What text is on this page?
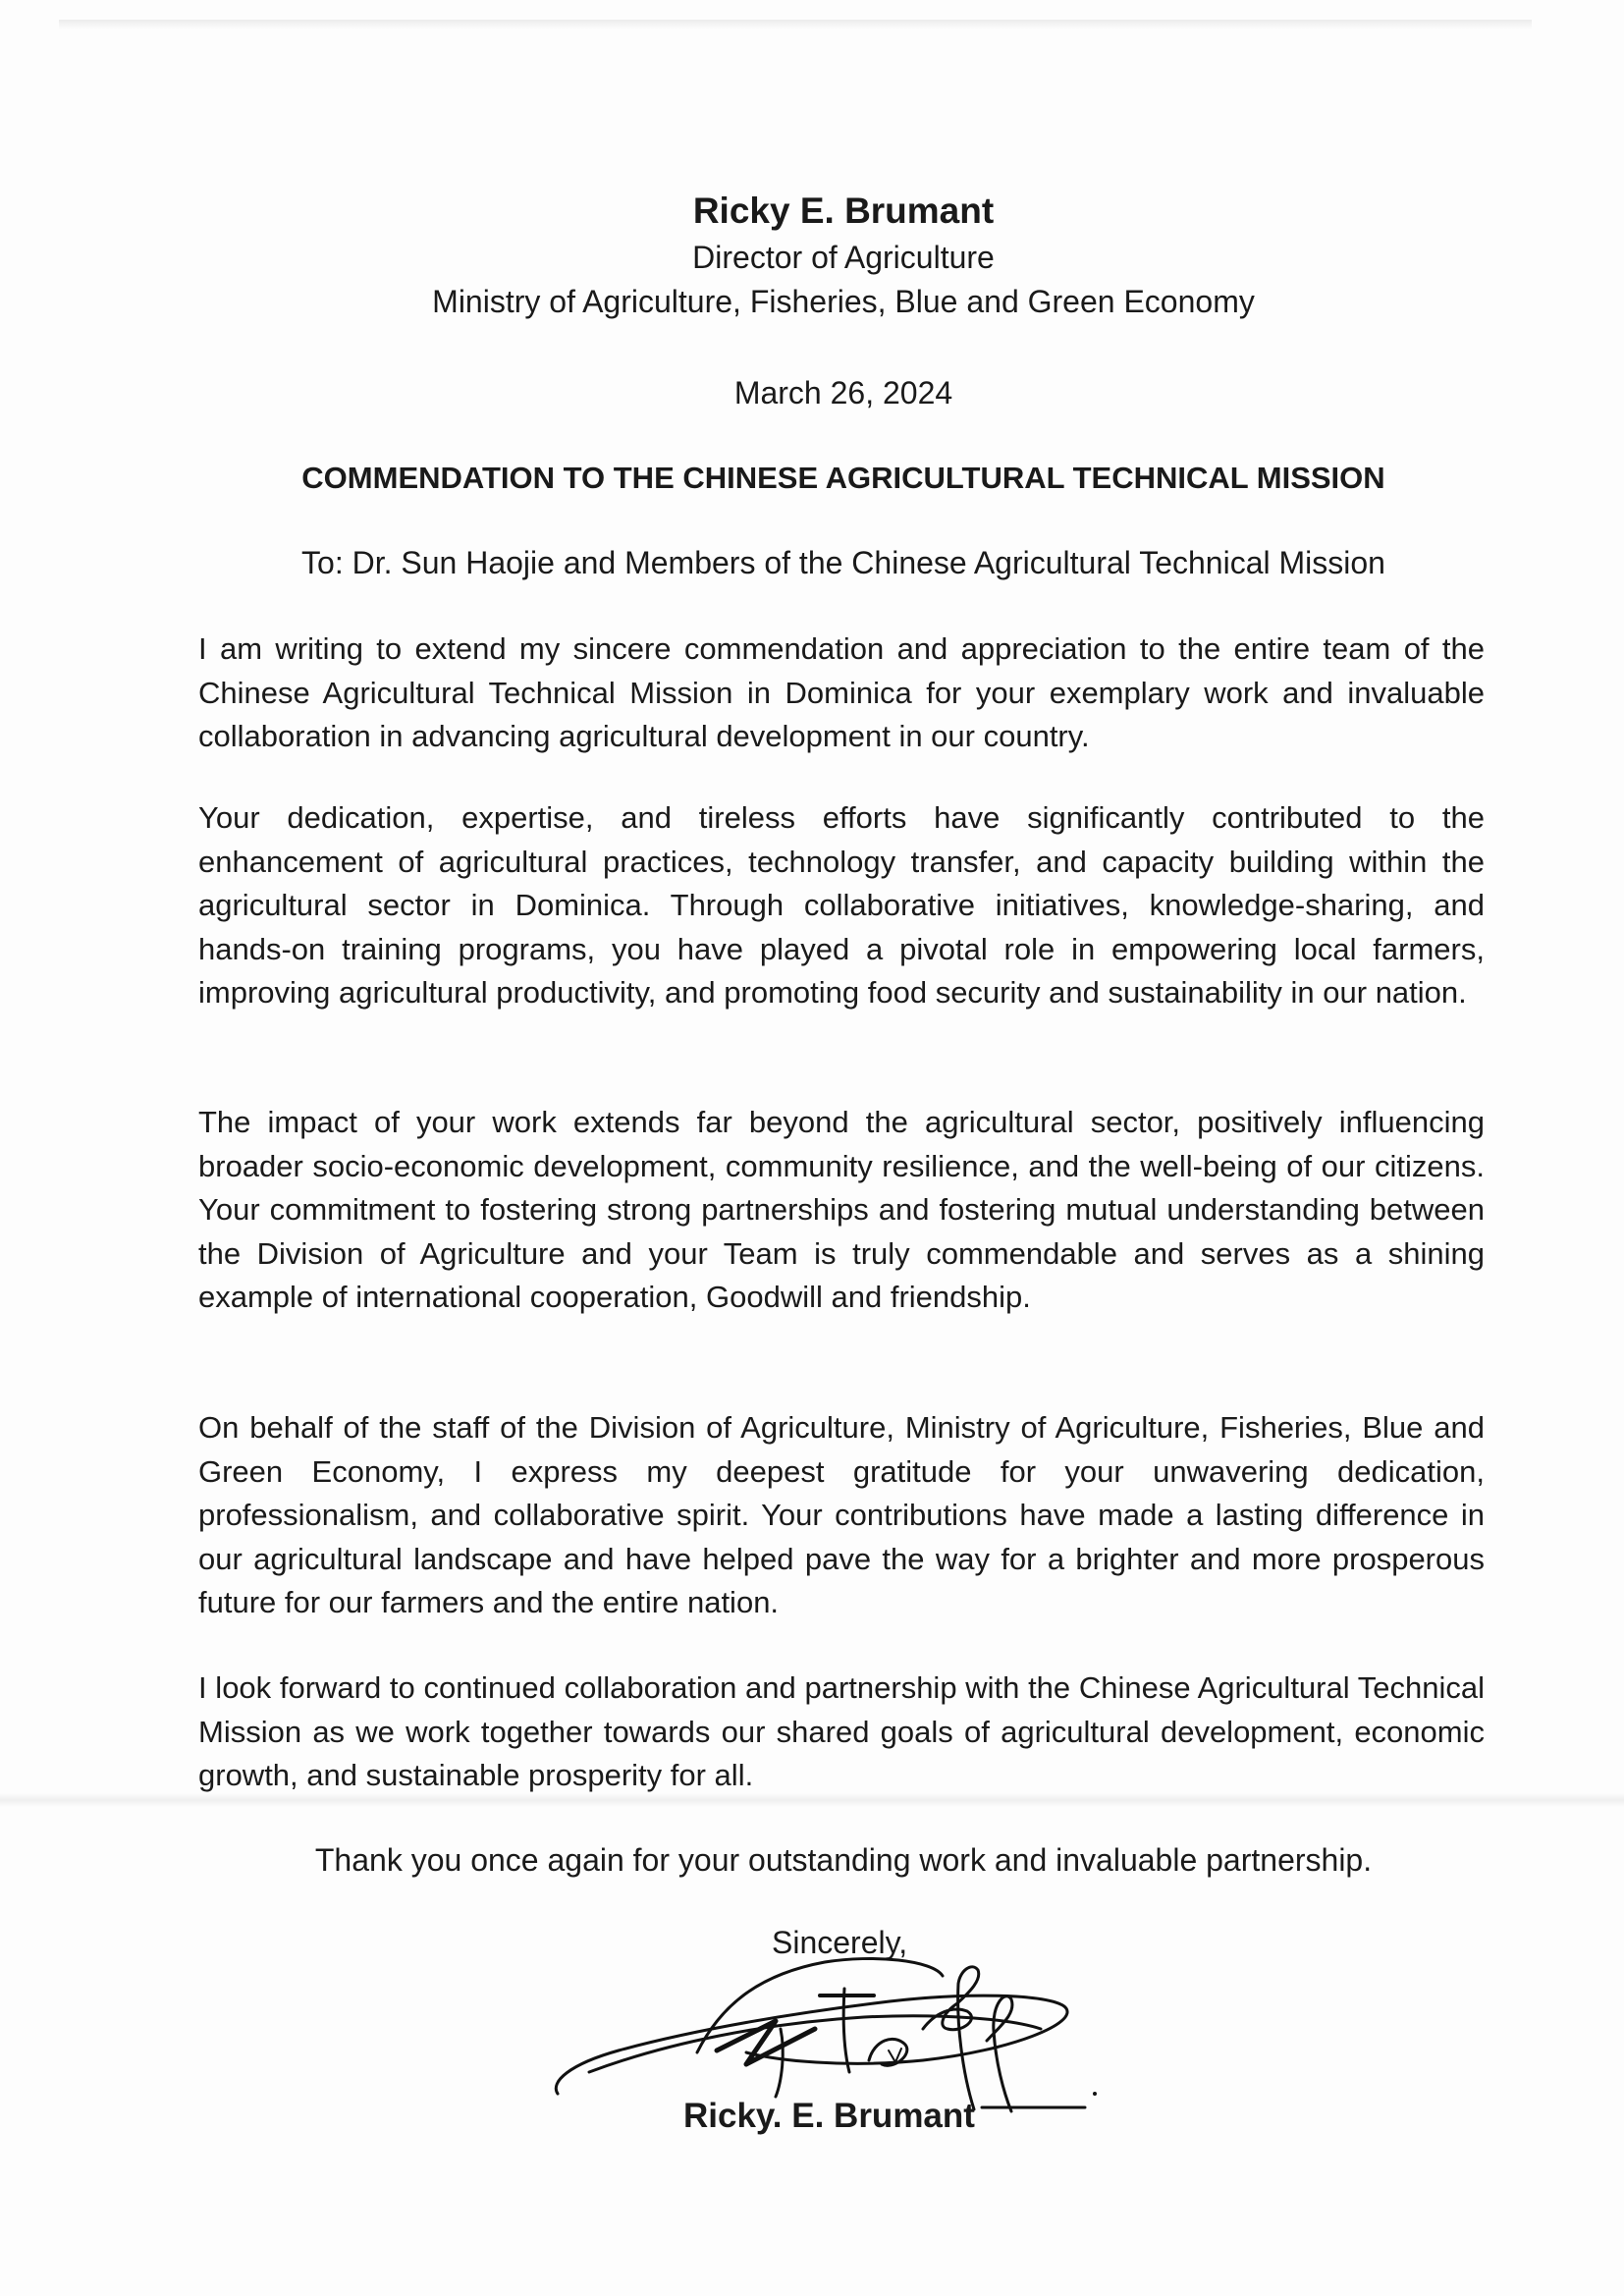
Ricky E. Brumant

Director of Agriculture

Ministry of Agriculture, Fisheries, Blue and Green Economy

March 26, 2024
COMMENDATION TO THE CHINESE AGRICULTURAL TECHNICAL MISSION
To: Dr. Sun Haojie and Members of the Chinese Agricultural Technical Mission

I am writing to extend my sincere commendation and appreciation to the entire team of the Chinese Agricultural Technical Mission in Dominica for your exemplary work and invaluable collaboration in advancing agricultural development in our country.

Your dedication, expertise, and tireless efforts have significantly contributed to the enhancement of agricultural practices, technology transfer, and capacity building within the agricultural sector in Dominica. Through collaborative initiatives, knowledge-sharing, and hands-on training programs, you have played a pivotal role in empowering local farmers, improving agricultural productivity, and promoting food security and sustainability in our nation.

The impact of your work extends far beyond the agricultural sector, positively influencing broader socio-economic development, community resilience, and the well-being of our citizens. Your commitment to fostering strong partnerships and fostering mutual understanding between the Division of Agriculture and your Team is truly commendable and serves as a shining example of international cooperation, Goodwill and friendship.

On behalf of the staff of the Division of Agriculture, Ministry of Agriculture, Fisheries, Blue and Green Economy, I express my deepest gratitude for your unwavering dedication, professionalism, and collaborative spirit. Your contributions have made a lasting difference in our agricultural landscape and have helped pave the way for a brighter and more prosperous future for our farmers and the entire nation.

I look forward to continued collaboration and partnership with the Chinese Agricultural Technical Mission as we work together towards our shared goals of agricultural development, economic growth, and sustainable prosperity for all.

Thank you once again for your outstanding work and invaluable partnership.
Sincerely,
Ricky. E. Brumant
